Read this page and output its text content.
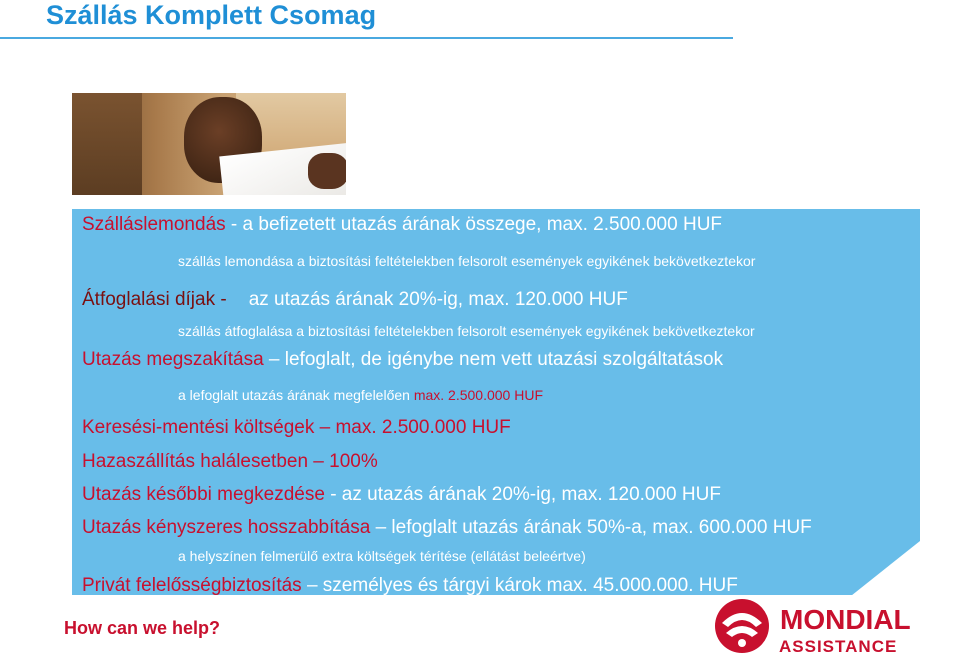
Szállás Komplett Csomag
Szálláslemondás - a befizetett utazás árának összege, max. 2.500.000 HUF
szállás lemondása a biztosítási feltételekben felsorolt események egyikének bekövetkeztekor
Átfoglalási díjak - az utazás árának 20%-ig, max. 120.000 HUF
szállás átfoglalása a biztosítási feltételekben felsorolt események egyikének bekövetkeztekor
Utazás megszakítása – lefoglalt, de igénybe nem vett utazási szolgáltatások
a lefoglalt utazás árának megfelelően max. 2.500.000 HUF
Keresési-mentési költségek – max. 2.500.000 HUF
Hazaszállítás halálesetben – 100%
Utazás későbbi megkezdése - az utazás árának 20%-ig, max. 120.000 HUF
Utazás kényszeres hosszabbítása – lefoglalt utazás árának 50%-a, max. 600.000 HUF
a helyszínen felmerülő extra költségek térítése (ellátást beleértve)
Privát felelősségbiztosítás – személyes és tárgyi károk max. 45.000.000. HUF
How can we help?	MONDIAL
ASSISTANCE
